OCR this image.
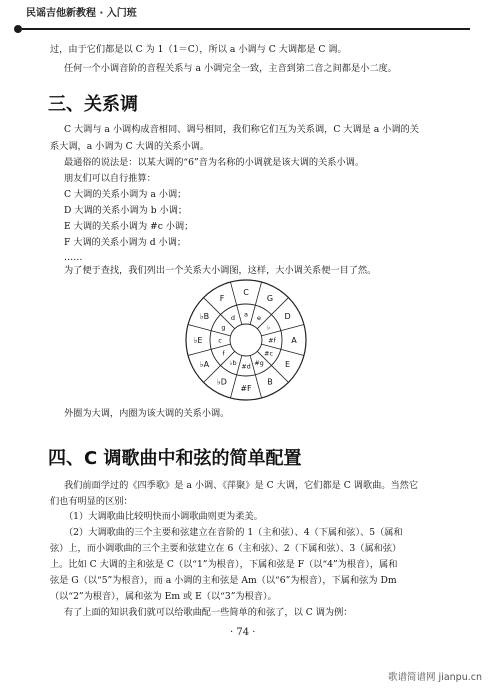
民谣吉他新教程 · 入门班
过，由于它们都是以 C 为 1（1＝C），所以 a 小调与 C 大调都是 C 调。
任何一个小调音阶的音程关系与 a 小调完全一致，主音到第二音之间都是小二度。
三、关系调
C 大调与 a 小调构成音相同、调号相同，我们称它们互为关系调，C 大调是 a 小调的关
系大调，a 小调为 C 大调的关系小调。
最通俗的说法是：以某大调的“6”音为名称的小调就是该大调的关系小调。
朋友们可以自行推算：
C 大调的关系小调为 a 小调；
D 大调的关系小调为 b 小调；
E 大调的关系小调为 #c 小调；
F 大调的关系小调为 d 小调；
……
为了便于查找，我们列出一个关系大小调图，这样，大小调关系便一目了然。
C
a
G
e	D
♭
A
#f
E
#c
B
#g
#F
#d
♭D
♭b
♭A
f
♭E c
♭B
g
F
d
外圈为大调，内圈为该大调的关系小调。
四、C 调歌曲中和弦的简单配置
我们前面学过的《四季歌》是 a 小调、《萍聚》是 C 大调，它们都是 C 调歌曲。当然它
们也有明显的区别：
（1）大调歌曲比较明快而小调歌曲则更为柔美。
（2）大调歌曲的三个主要和弦建立在音阶的 1（主和弦）、4（下属和弦）、5（属和
弦）上，而小调歌曲的三个主要和弦建立在 6（主和弦）、2（下属和弦）、3（属和弦）
上。比如 C 大调的主和弦是 C（以“1”为根音），下属和弦是 F（以“4”为根音），属和
弦是 G（以“5”为根音），而 a 小调的主和弦是 Am（以“6”为根音），下属和弦为 Dm
（以“2”为根音），属和弦为 Em 或 E（以“3”为根音）。
有了上面的知识我们就可以给歌曲配一些简单的和弦了，以 C 调为例：
· 74 ·
歌谱简谱网 jianpu.cn
